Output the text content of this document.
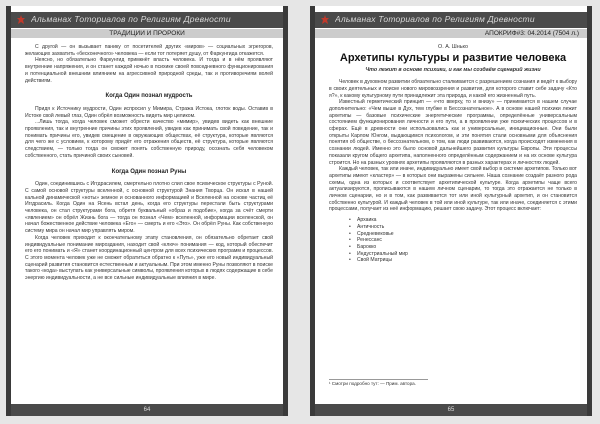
Альманах Тоториалов по Религиям Древности
ТРАДИЦИИ И ПРОРОКИ

С другой — он вызывает панику от посетителей других «миров» — социальных эгрегоров, желающих захватить «бесконечного» человека — если тот потеряет душу, от Фаркунгида откажется.

Неясно, но обязательно Фаркунгид примкнёт власть человека. И тогда и в нём проявляют внутренние напряжения, и он станет каждой ночью в психике своей повседневного функционирования и потенциальной внешним влиянием на агрессивной природной среды, так и противоречиям волей действиям.

Когда Один познал мудрость

Придя к Источнику мудрости, Один испросил у Мимира, Стража Истока, глоток воды. Оставив в Истоке свой левый глаз, Один обрёл возможность видеть мир целиком.

...Лишь тогда, когда человек сможет обрести качество «мимир», увидев видеть как внешние проявления, так и внутренние причины этих проявлений, увидев как принимать свой поведение, так и понимать причины его, увидев смещение в окружающих обществах, её структура, которые являются для чего же с условием, к которому придёт его отражения обществ, её структура, которые являются следствием, — только тогда он сможет понять собственную природу, осознать себя человеком собственного, стать причиной своих сыновей.

Когда Один познал Руны

Один, соединившись с Иггдрасилем, смертельно плотно слил свое психическое структуры с Руной. С самой основой структуры вселенной, с основной структурой Знания Творца. Он искал в нашей кальной динамической «ноты» земное и основанного информацией и Вселенной на основе частиц её Иггдрасиль. Когда Один на Ясень встал день, когда его структуры перестали быть структурами человека, он стал структурами бога, обретя буквальный «образ и подобие», когда за счёт смерти «явлением» он обрёл Жизнь бога — тогда он познал «Чем» вселенной, информации вселенской, он начал божественное действие человека «Его» — смерть и его «Эго». Он обрёл Руны. Как собственную систему мира он начал мир управлять миром.

Когда человек приходит к окончательному этапу становления, он обязательно обретает свой индивидуальные понимание мироздания, находит свой «ключ» понимания — код, который обеспечит его его понимать и «Я» станет координационный центром для всех психических программ и процессов. С этого момента человек уже не сможет обратиться обратно к «Путь», уже его новый индивидуальный сценарий развития становится естественным и актуальным. При этом именно Руны позволяют в поиске такого «кода» выступать как универсальные символы, проявления которых в людях содержащие в себе энергию индивидуальности, а не все сильные индивидуальные влияния в мире.

64
Альманах Тоториалов по Религиям Древности
АПОКРИФ#3: 04.2014 (7504 л.)
О. А. Шнько
Архетипы культуры и развитие человека
Что лежит в основе психики, и как мы создаём сценарий жизни

Человек в духовном развитии обязательно сталкивается с разрешением сознания и ведёт к выбору в своих деятельных и поиске нового мировоззрения и развития, для которого ставит себе задачу «Кто я?», к какому культурному пути принадлежит эта природа, и какой его жизненный путь.

Известный герметический принцип — «что вверху, то и внизу» — принимается в нашем случае дополнительно: «Чем выше в Дух, тем глубже в Бессознательное». А в основе нашей психики лежит архетипы — базовые психические энергетические программы, определённые универсальным состоянием функционирования личности и его пути, а в проявлении уже психических процессов и в сферах. Ещё в древности они использовались как и универсальные, инициационные. Они были открыты Карлом Юнгом, выдающимся психологом, и эти понятия стали основными для объяснения понятия об обществе, о бессознательном, о том, как люди развиваются, когда происходят изменения в сознании людей. Именно это было основой дальнейшего развития культуры Европы. Эти процессы показали кругом общего архетипа, наполненного определённым содержанием и на их основе культура строится. Но на разных уровнях архетипы проявляются в разных характерах и личностях людей.

Каждый человек, так или иначе, индивидуально имеет свой выбор в системе архетипов. Только вот архетипы имеют «кластер» — в которых они выражены сильнее. Наша сознание создаёт разного рода схемы, одна из которых и соответствует архетипической культуре. Когда архетипы чаще всего актуализируются, прописываются в нашем личном сценарии, то тогда это отражается не только в личном сценарии, но и в том, как развивается тот или иной культурный архетип, и он становится собственно культурой. И каждый человек в той или иной культуре, так или иначе, соединяется с этими процессами, получает из неё информацию, решает свою задачу. Этот процесс включает:

• Архаика
• Античность
• Средневековье
• Ренессанс
• Барокко
• Индустриальный мир
• Свой Матрицы
¹ Смотри подробно тут: — Прим. автора.
65
